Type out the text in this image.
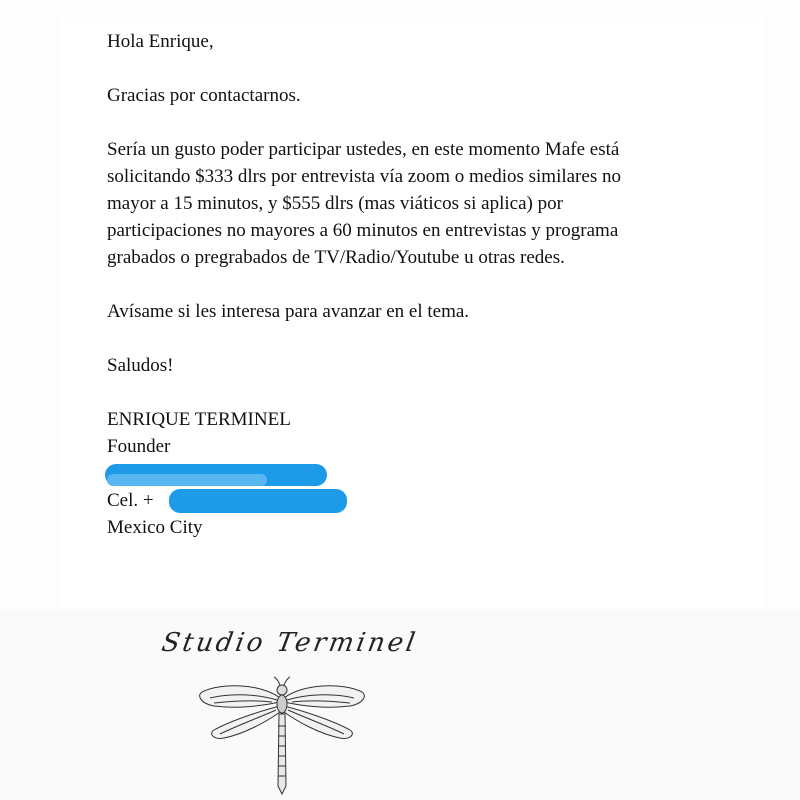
Hola Enrique,

Gracias por contactarnos.

Sería un gusto poder participar ustedes, en este momento Mafe está

solicitando $333 dlrs por entrevista vía zoom o medios similares no

mayor a 15 minutos, y $555 dlrs (mas viáticos si aplica) por

participaciones no mayores a 60 minutos en entrevistas y programa

grabados o pregrabados de TV/Radio/Youtube u otras redes.

Avísame si les interesa para avanzar en el tema.

Saludos!

ENRIQUE TERMINEL

Founder

Cel. +

Mexico City

Studio Terminel
